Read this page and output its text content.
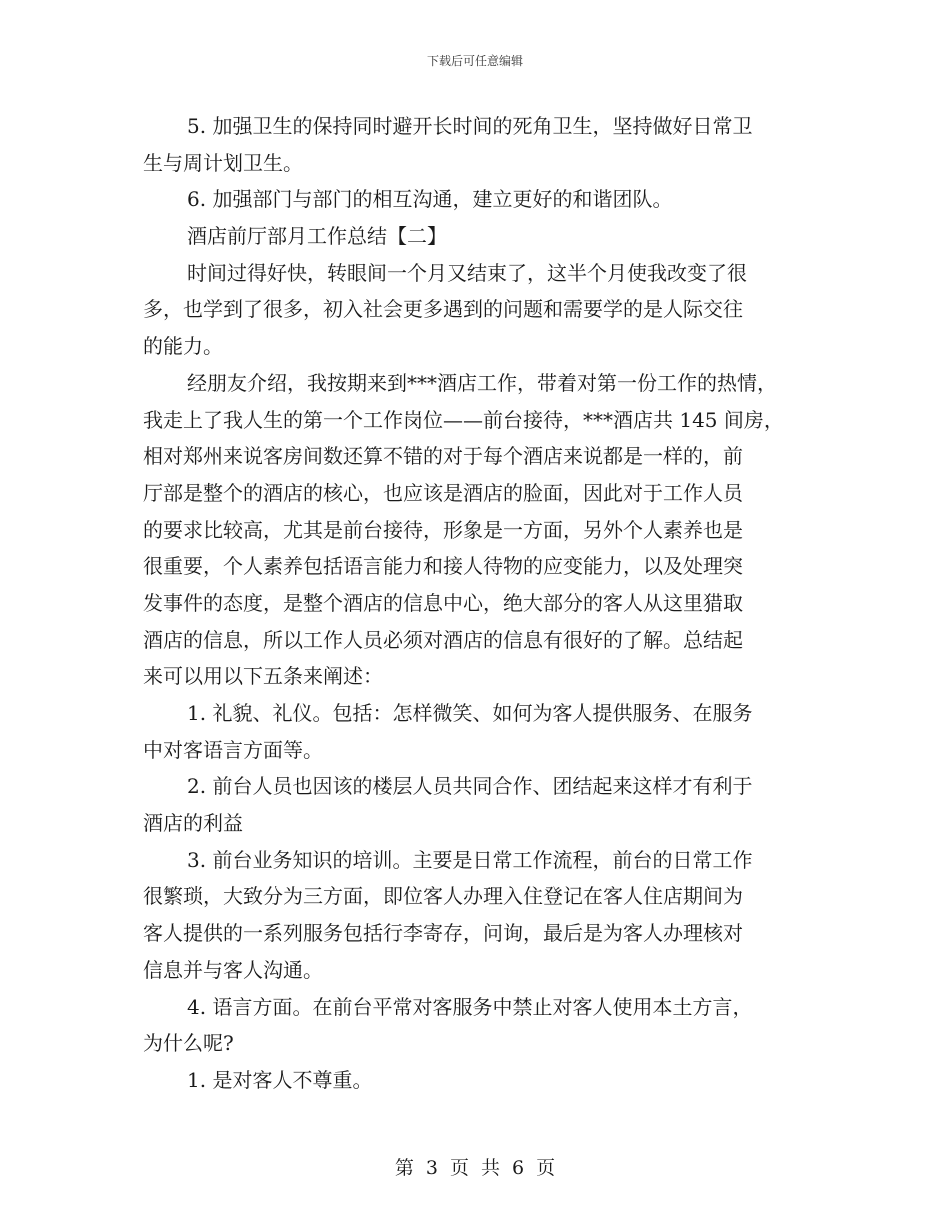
下载后可任意编辑
5. 加强卫生的保持同时避开长时间的死角卫生，坚持做好日常卫
生与周计划卫生。
6. 加强部门与部门的相互沟通，建立更好的和谐团队。
酒店前厅部月工作总结【二】
时间过得好快，转眼间一个月又结束了，这半个月使我改变了很
多，也学到了很多，初入社会更多遇到的问题和需要学的是人际交往
的能力。
经朋友介绍，我按期来到***酒店工作，带着对第一份工作的热情，
我走上了我人生的第一个工作岗位——前台接待，***酒店共 145 间房，
相对郑州来说客房间数还算不错的对于每个酒店来说都是一样的，前
厅部是整个的酒店的核心，也应该是酒店的脸面，因此对于工作人员
的要求比较高，尤其是前台接待，形象是一方面，另外个人素养也是
很重要，个人素养包括语言能力和接人待物的应变能力，以及处理突
发事件的态度，是整个酒店的信息中心，绝大部分的客人从这里猎取
酒店的信息，所以工作人员必须对酒店的信息有很好的了解。总结起
来可以用以下五条来阐述：
1. 礼貌、礼仪。包括：怎样微笑、如何为客人提供服务、在服务
中对客语言方面等。
2. 前台人员也因该的楼层人员共同合作、团结起来这样才有利于
酒店的利益
3. 前台业务知识的培训。主要是日常工作流程，前台的日常工作
很繁琐，大致分为三方面，即位客人办理入住登记在客人住店期间为
客人提供的一系列服务包括行李寄存，问询，最后是为客人办理核对
信息并与客人沟通。
4. 语言方面。在前台平常对客服务中禁止对客人使用本土方言，
为什么呢?
1. 是对客人不尊重。
第 3 页 共 6 页
